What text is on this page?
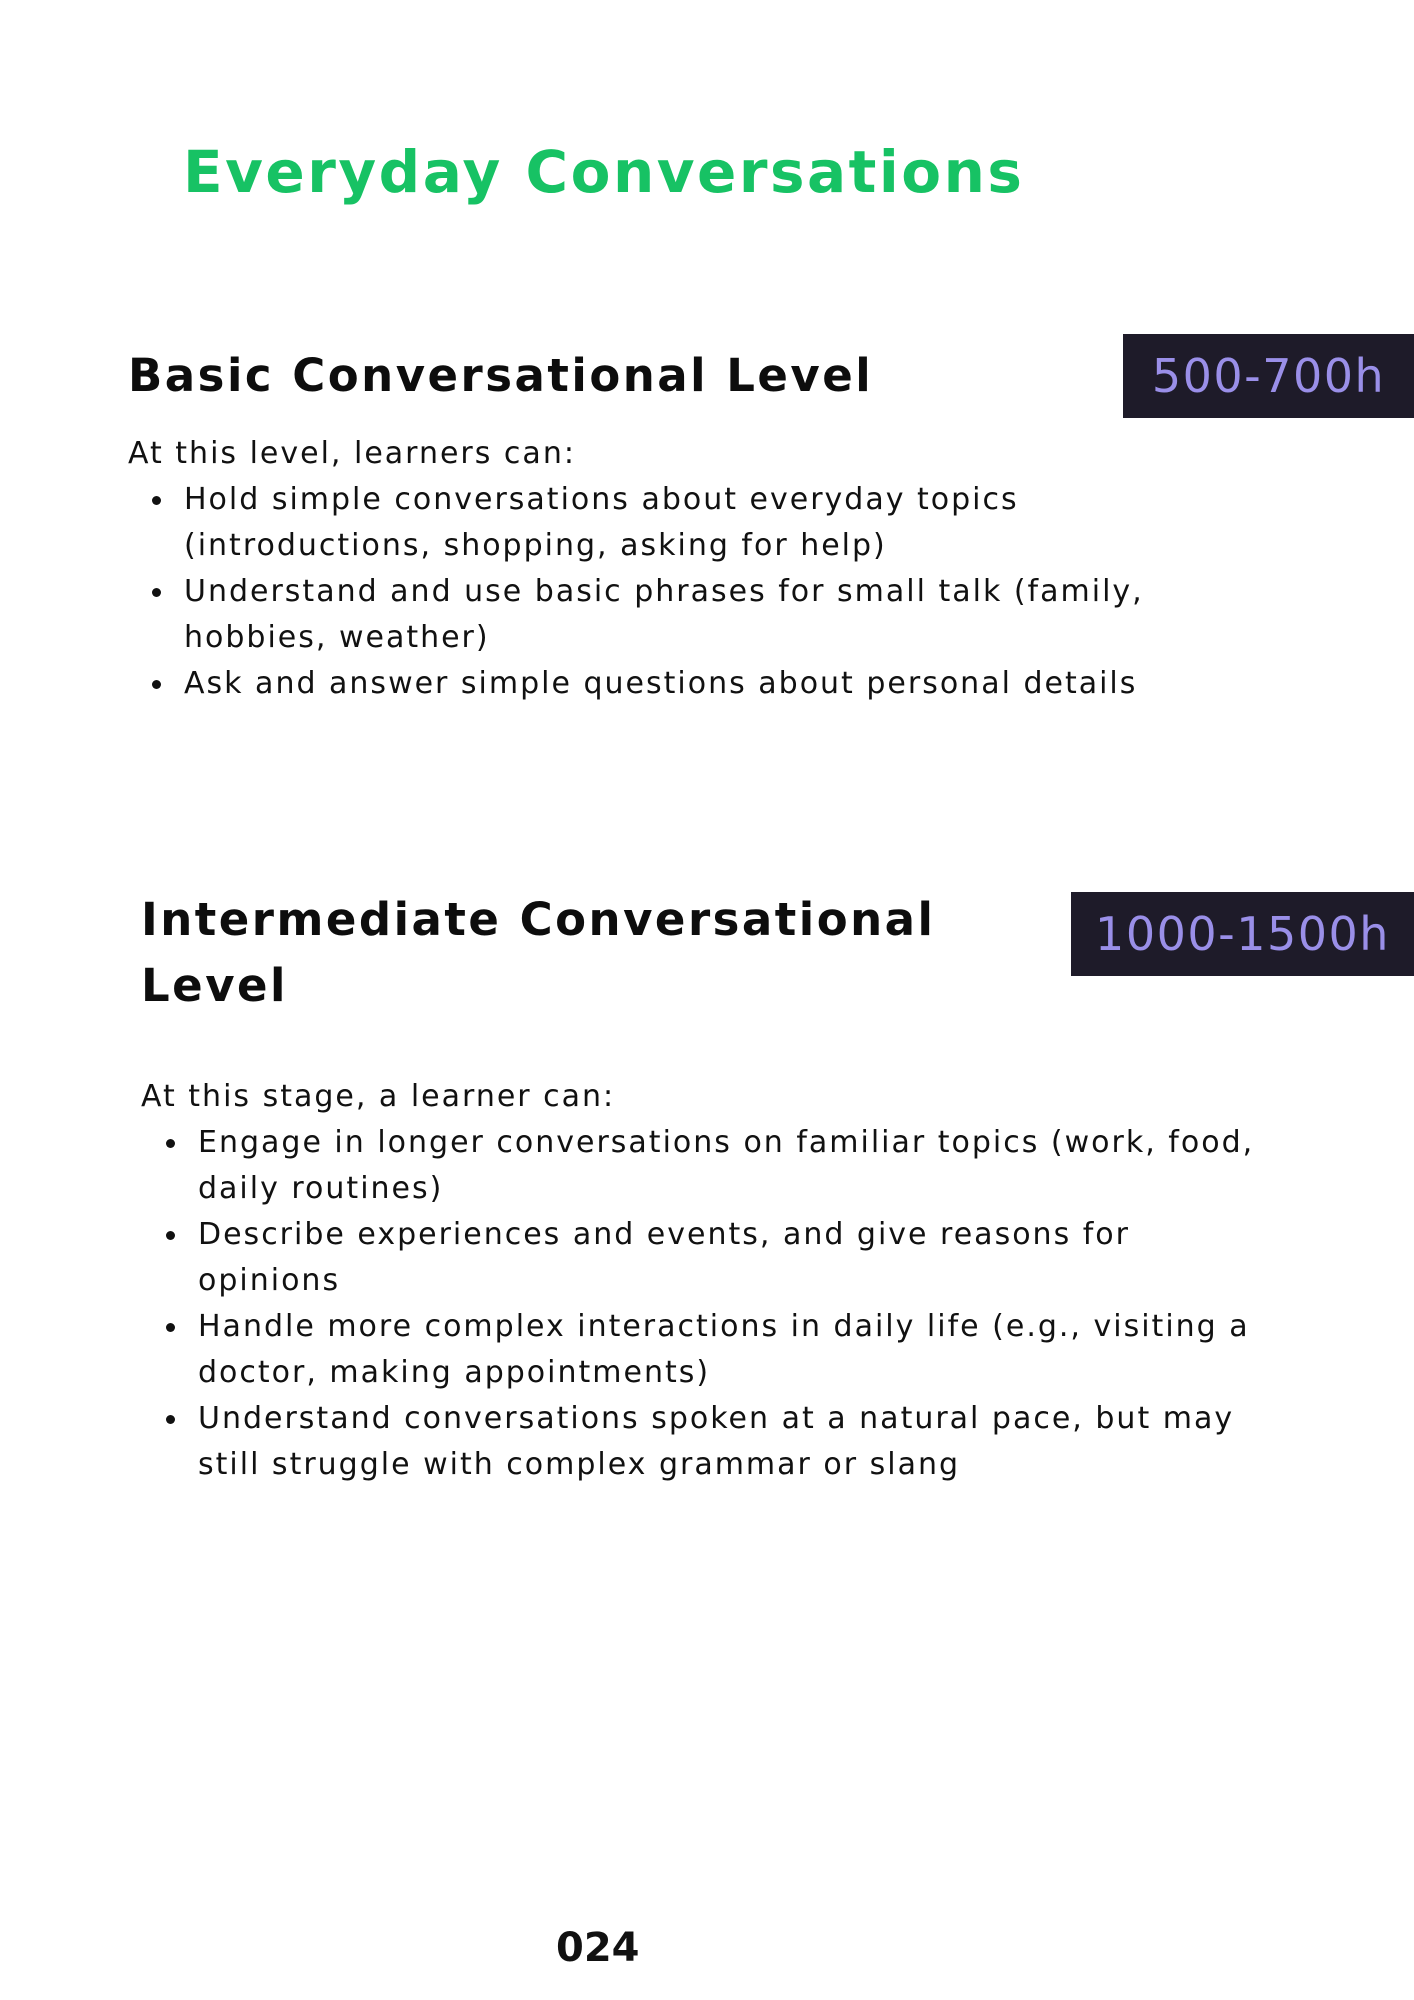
Everyday Conversations
Basic Conversational Level	500-700h

At this level, learners can:

Hold simple conversations about everyday topics (introductions, shopping, asking for help)
Understand and use basic phrases for small talk (family, hobbies, weather)
Ask and answer simple questions about personal details
Intermediate Conversational Level
1000-1500h

At this stage, a learner can:

Engage in longer conversations on familiar topics (work, food, daily routines)
Describe experiences and events, and give reasons for opinions
Handle more complex interactions in daily life (e.g., visiting a doctor, making appointments)
Understand conversations spoken at a natural pace, but may still struggle with complex grammar or slang

024
